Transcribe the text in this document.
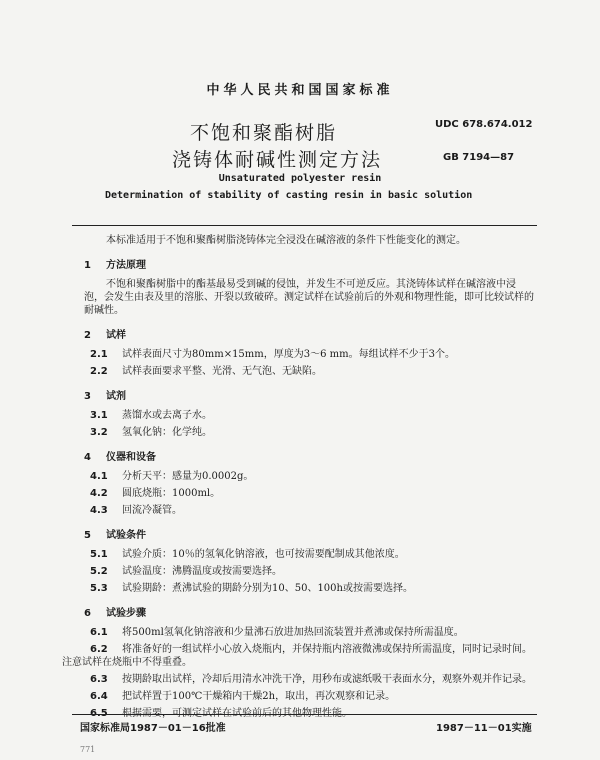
中华人民共和国国家标准
不饱和聚酯树脂
浇铸体耐碱性测定方法
UDC 678.674.012
GB 7194—87
Unsaturated polyester resin
Determination of stability of casting resin in basic solution

本标准适用于不饱和聚酯树脂浇铸体完全浸没在碱溶液的条件下性能变化的测定。

1 方法原理

不饱和聚酯树脂中的酯基最易受到碱的侵蚀，并发生不可逆反应。其浇铸体试样在碱溶液中浸泡，会发生由表及里的溶胀、开裂以致破碎。测定试样在试验前后的外观和物理性能，即可比较试样的耐碱性。

2 试样

2.1 试样表面尺寸为80mm×15mm，厚度为3～6 mm。每组试样不少于3个。

2.2 试样表面要求平整、光滑、无气泡、无缺陷。

3 试剂

3.1 蒸馏水或去离子水。

3.2 氢氧化钠：化学纯。

4 仪器和设备

4.1 分析天平：感量为0.0002g。

4.2 圆底烧瓶：1000ml。

4.3 回流冷凝管。

5 试验条件

5.1 试验介质：10％的氢氧化钠溶液，也可按需要配制成其他浓度。

5.2 试验温度：沸腾温度或按需要选择。

5.3 试验期龄：煮沸试验的期龄分别为10、50、100h或按需要选择。

6 试验步骤

6.1 将500ml氢氧化钠溶液和少量沸石放进加热回流装置并煮沸或保持所需温度。

6.2 将准备好的一组试样小心放入烧瓶内，并保持瓶内溶液微沸或保持所需温度，同时记录时间。

注意试样在烧瓶中不得重叠。

6.3 按期龄取出试样，冷却后用清水冲洗干净，用秒布或滤纸吸干表面水分，观察外观并作记录。

6.4 把试样置于100℃干燥箱内干燥2h，取出，再次观察和记录。

6.5 根据需要，可测定试样在试验前后的其他物理性能。

国家标准局1987－01－16批准	1987－11－01实施
771
